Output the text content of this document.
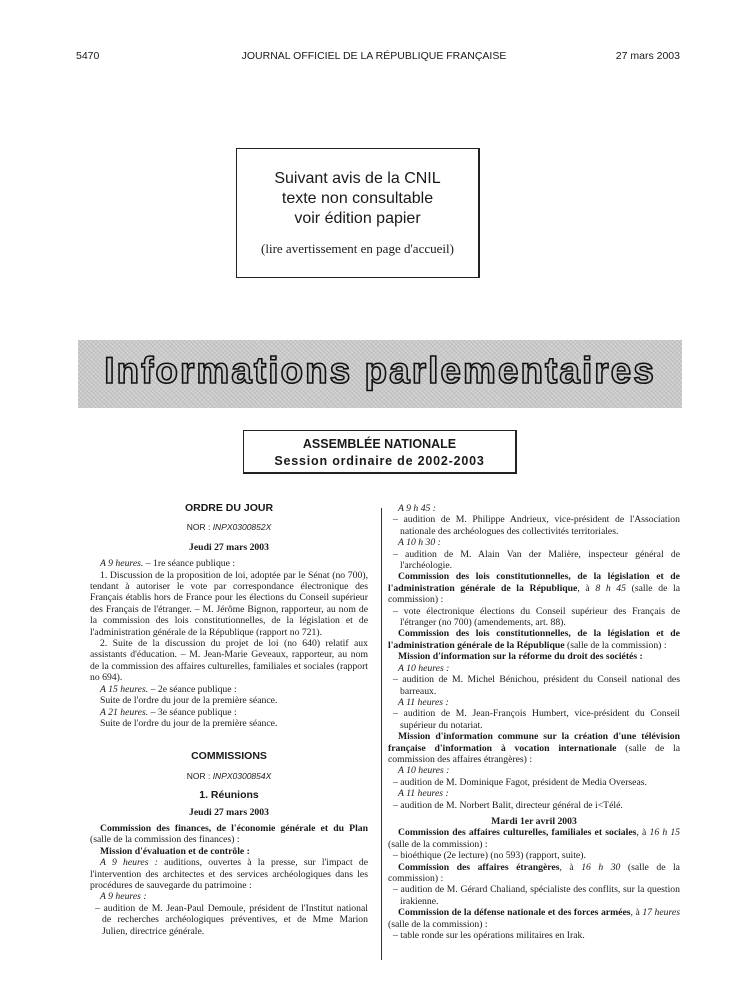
5470	JOURNAL OFFICIEL DE LA RÉPUBLIQUE FRANÇAISE	27 mars 2003
Suivant avis de la CNIL
texte non consultable
voir édition papier
(lire avertissement en page d'accueil)
Informations parlementaires
ASSEMBLÉE NATIONALE
Session ordinaire de 2002-2003
ORDRE DU JOUR
NOR : INPX0300852X
Jeudi 27 mars 2003
A 9 heures. – 1re séance publique :
1. Discussion de la proposition de loi, adoptée par le Sénat (no 700), tendant à autoriser le vote par correspondance électronique des Français établis hors de France pour les élections du Conseil supérieur des Français de l'étranger. – M. Jérôme Bignon, rapporteur, au nom de la commission des lois constitutionnelles, de la législation et de l'administration générale de la République (rapport no 721).
2. Suite de la discussion du projet de loi (no 640) relatif aux assistants d'éducation. – M. Jean-Marie Geveaux, rapporteur, au nom de la commission des affaires culturelles, familiales et sociales (rapport no 694).
A 15 heures. – 2e séance publique :
Suite de l'ordre du jour de la première séance.
A 21 heures. – 3e séance publique :
Suite de l'ordre du jour de la première séance.
COMMISSIONS
NOR : INPX0300854X
1. Réunions
Jeudi 27 mars 2003
Commission des finances, de l'économie générale et du Plan (salle de la commission des finances) :
Mission d'évaluation et de contrôle :
A 9 heures : auditions, ouvertes à la presse, sur l'impact de l'intervention des architectes et des services archéologiques dans les procédures de sauvegarde du patrimoine :
A 9 heures :
– audition de M. Jean-Paul Demoule, président de l'Institut national de recherches archéologiques préventives, et de Mme Marion Julien, directrice générale.
A 9 h 45 :
– audition de M. Philippe Andrieux, vice-président de l'Association nationale des archéologues des collectivités territoriales.
A 10 h 30 :
– audition de M. Alain Van der Malière, inspecteur général de l'archéologie.
Commission des lois constitutionnelles, de la législation et de l'administration générale de la République, à 8 h 45 (salle de la commission) :
– vote électronique élections du Conseil supérieur des Français de l'étranger (no 700) (amendements, art. 88).
Commission des lois constitutionnelles, de la législation et de l'administration générale de la République (salle de la commission) :
Mission d'information sur la réforme du droit des sociétés :
A 10 heures :
– audition de M. Michel Bénichou, président du Conseil national des barreaux.
A 11 heures :
– audition de M. Jean-François Humbert, vice-président du Conseil supérieur du notariat.
Mission d'information commune sur la création d'une télévision française d'information à vocation internationale (salle de la commission des affaires étrangères) :
A 10 heures :
– audition de M. Dominique Fagot, président de Media Overseas.
A 11 heures :
– audition de M. Norbert Balit, directeur général de i<Télé.
Mardi 1er avril 2003
Commission des affaires culturelles, familiales et sociales, à 16 h 15 (salle de la commission) :
– bioéthique (2e lecture) (no 593) (rapport, suite).
Commission des affaires étrangères, à 16 h 30 (salle de la commission) :
– audition de M. Gérard Chaliand, spécialiste des conflits, sur la question irakienne.
Commission de la défense nationale et des forces armées, à 17 heures (salle de la commission) :
– table ronde sur les opérations militaires en Irak.
